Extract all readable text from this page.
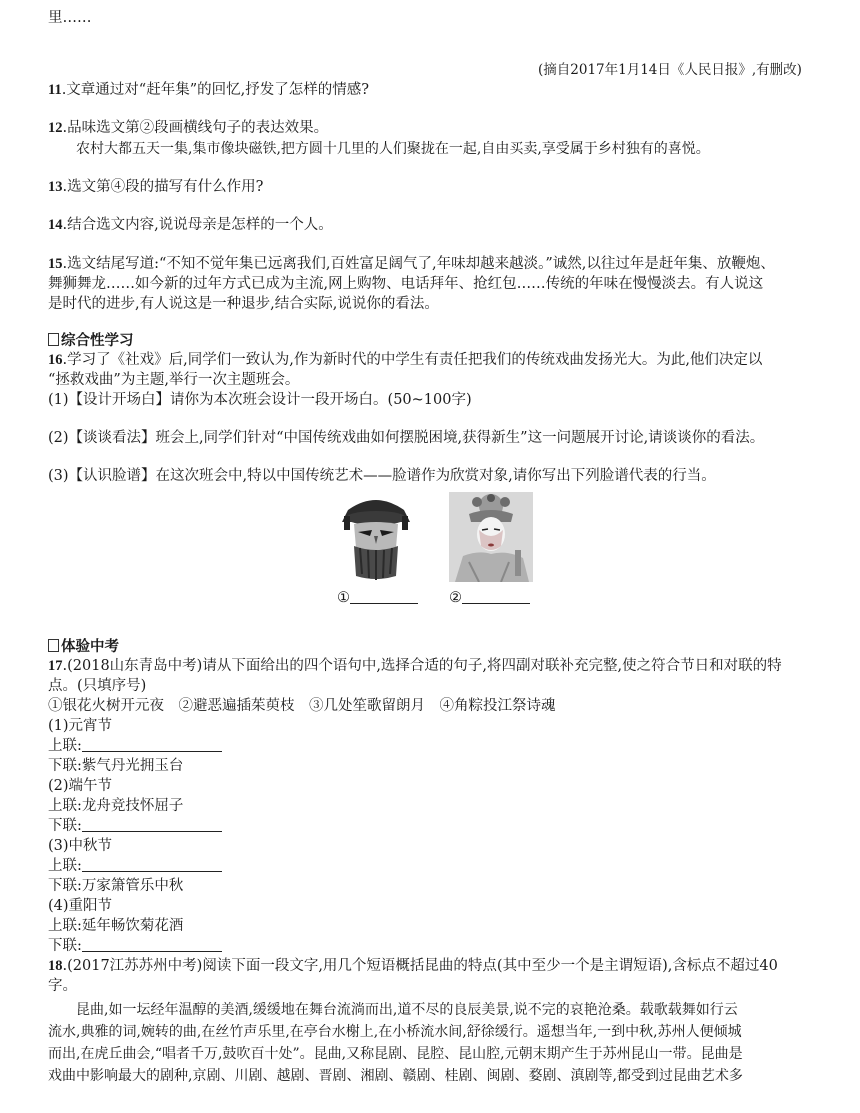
里……
(摘自2017年1月14日《人民日报》,有删改)
11.文章通过对“赶年集”的回忆,抒发了怎样的情感?
12.品味选文第②段画横线句子的表达效果。
农村大都五天一集,集市像块磁铁,把方圆十几里的人们聚拢在一起,自由买卖,享受属于乡村独有的喜悦。
13.选文第④段的描写有什么作用?
14.结合选文内容,说说母亲是怎样的一个人。
15.选文结尾写道:“不知不觉年集已远离我们,百姓富足阔气了,年味却越来越淡。”诚然,以往过年是赶年集、放鞭炮、
舞狮舞龙……如今新的过年方式已成为主流,网上购物、电话拜年、抢红包……传统的年味在慢慢淡去。有人说这
是时代的进步,有人说这是一种退步,结合实际,说说你的看法。
综合性学习
16.学习了《社戏》后,同学们一致认为,作为新时代的中学生有责任把我们的传统戏曲发扬光大。为此,他们决定以
“拯救戏曲”为主题,举行一次主题班会。
(1)【设计开场白】请你为本次班会设计一段开场白。(50~100字)
(2)【谈谈看法】班会上,同学们针对“中国传统戏曲如何摆脱困境,获得新生”这一问题展开讨论,请谈谈你的看法。
(3)【认识脸谱】在这次班会中,特以中国传统艺术——脸谱作为欣赏对象,请你写出下列脸谱代表的行当。
①	②
体验中考
17.(2018山东青岛中考)请从下面给出的四个语句中,选择合适的句子,将四副对联补充完整,使之符合节日和对联的特
点。(只填序号)
①银花火树开元夜　②避恶遍插茱萸枝　③几处笙歌留朗月　④角粽投江祭诗魂
(1)元宵节
上联:
下联:紫气丹光拥玉台
(2)端午节
上联:龙舟竞技怀屈子
下联:
(3)中秋节
上联:
下联:万家箫管乐中秋
(4)重阳节
上联:延年畅饮菊花酒
下联:
18.(2017江苏苏州中考)阅读下面一段文字,用几个短语概括昆曲的特点(其中至少一个是主谓短语),含标点不超过40
字。
昆曲,如一坛经年温醇的美酒,缓缓地在舞台流淌而出,道不尽的良辰美景,说不完的哀艳沧桑。载歌载舞如行云
流水,典雅的词,婉转的曲,在丝竹声乐里,在亭台水榭上,在小桥流水间,舒徐缓行。遥想当年,一到中秋,苏州人便倾城
而出,在虎丘曲会,“唱者千万,鼓吹百十处”。昆曲,又称昆剧、昆腔、昆山腔,元朝末期产生于苏州昆山一带。昆曲是
戏曲中影响最大的剧种,京剧、川剧、越剧、晋剧、湘剧、赣剧、桂剧、闽剧、婺剧、滇剧等,都受到过昆曲艺术多
